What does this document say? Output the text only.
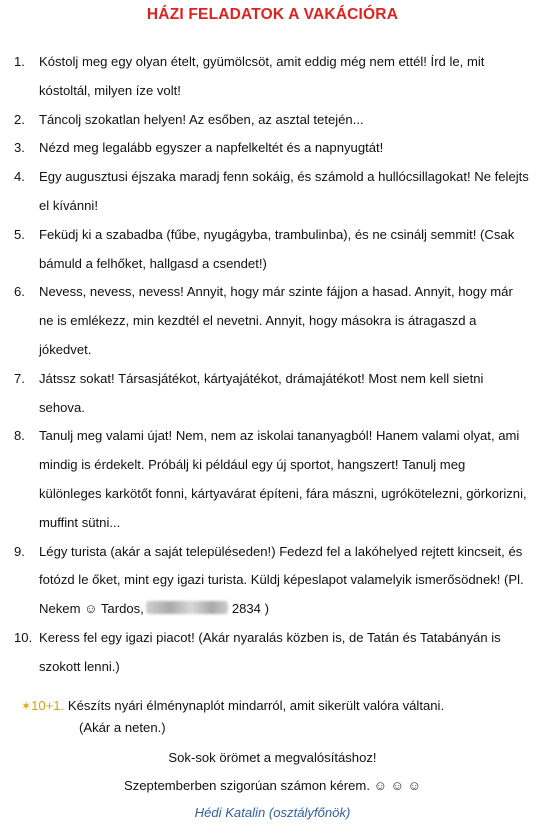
HÁZI FELADATOK A VAKÁCIÓRA
1. Kóstolj meg egy olyan ételt, gyümölcsöt, amit eddig még nem ettél! Írd le, mit kóstoltál, milyen íze volt!
2. Táncolj szokatlan helyen! Az esőben, az asztal tetején...
3. Nézd meg legalább egyszer a napfelkeltét és a napnyugtát!
4. Egy augusztusi éjszaka maradj fenn sokáig, és számold a hullócsillagokat! Ne felejts el kívánni!
5. Feküdj ki a szabadba (fűbe, nyugágyba, trambulinba), és ne csinálj semmit! (Csak bámuld a felhőket, hallgasd a csendet!)
6. Nevess, nevess, nevess! Annyit, hogy már szinte fájjon a hasad. Annyit, hogy már ne is emlékezz, min kezdtél el nevetni. Annyit, hogy másokra is átragaszd a jókedvet.
7. Játssz sokat! Társasjátékot, kártyajátékot, drámajátékot! Most nem kell sietni sehova.
8. Tanulj meg valami újat! Nem, nem az iskolai tananyagból! Hanem valami olyat, ami mindig is érdekelt. Próbálj ki például egy új sportot, hangszert! Tanulj meg különleges karkötőt fonni, kártyavárat építeni, fára mászni, ugrókötelezni, görkorizni, muffint sütni...
9. Légy turista (akár a saját településeden!) Fedezd fel a lakóhelyed rejtett kincseit, és fotózd le őket, mint egy igazi turista. Küldj képeslapot valamelyik ismerősödnek! (Pl. Nekem ☺ Tardos,	2834 )
10. Keress fel egy igazi piacot! (Akár nyaralás közben is, de Tatán és Tatabányán is szokott lenni.)
✶10+1. Készíts nyári élménynaplót mindarról, amit sikerült valóra váltani.
(Akár a neten.)
Sok-sok örömet a megvalósításhoz!
Szeptemberben szigorúan számon kérem. ☺ ☺ ☺
Hédi Katalin (osztályfőnök)
